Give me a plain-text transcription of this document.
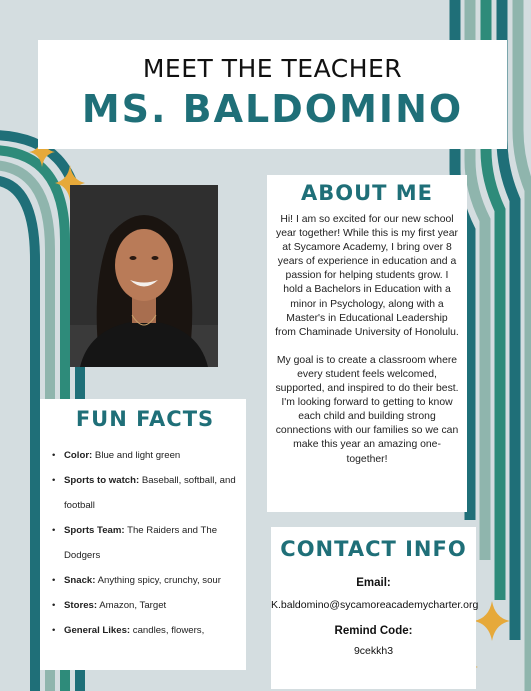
MEET THE TEACHER
MS. BALDOMINO
ABOUT ME

Hi! I am so excited for our new school year together! While this is my first year at Sycamore Academy, I bring over 8 years of experience in education and a passion for helping students grow. I hold a Bachelors in Education with a minor in Psychology, along with a Master's in Educational Leadership from Chaminade University of Honolulu.

My goal is to create a classroom where every student feels welcomed, supported, and inspired to do their best. I'm looking forward to getting to know each child and building strong connections with our families so we can make this year an amazing one- together!

FUN FACTS
• Color: Blue and light green
• Sports to watch: Baseball, softball, and football
• Sports Team: The Raiders and The Dodgers
• Snack: Anything spicy, crunchy, sour
• Stores: Amazon, Target
• General Likes: candles, flowers,
CONTACT INFO

Email:

K.baldomino@sycamoreacademycharter.org

Remind Code:

9cekkh3
